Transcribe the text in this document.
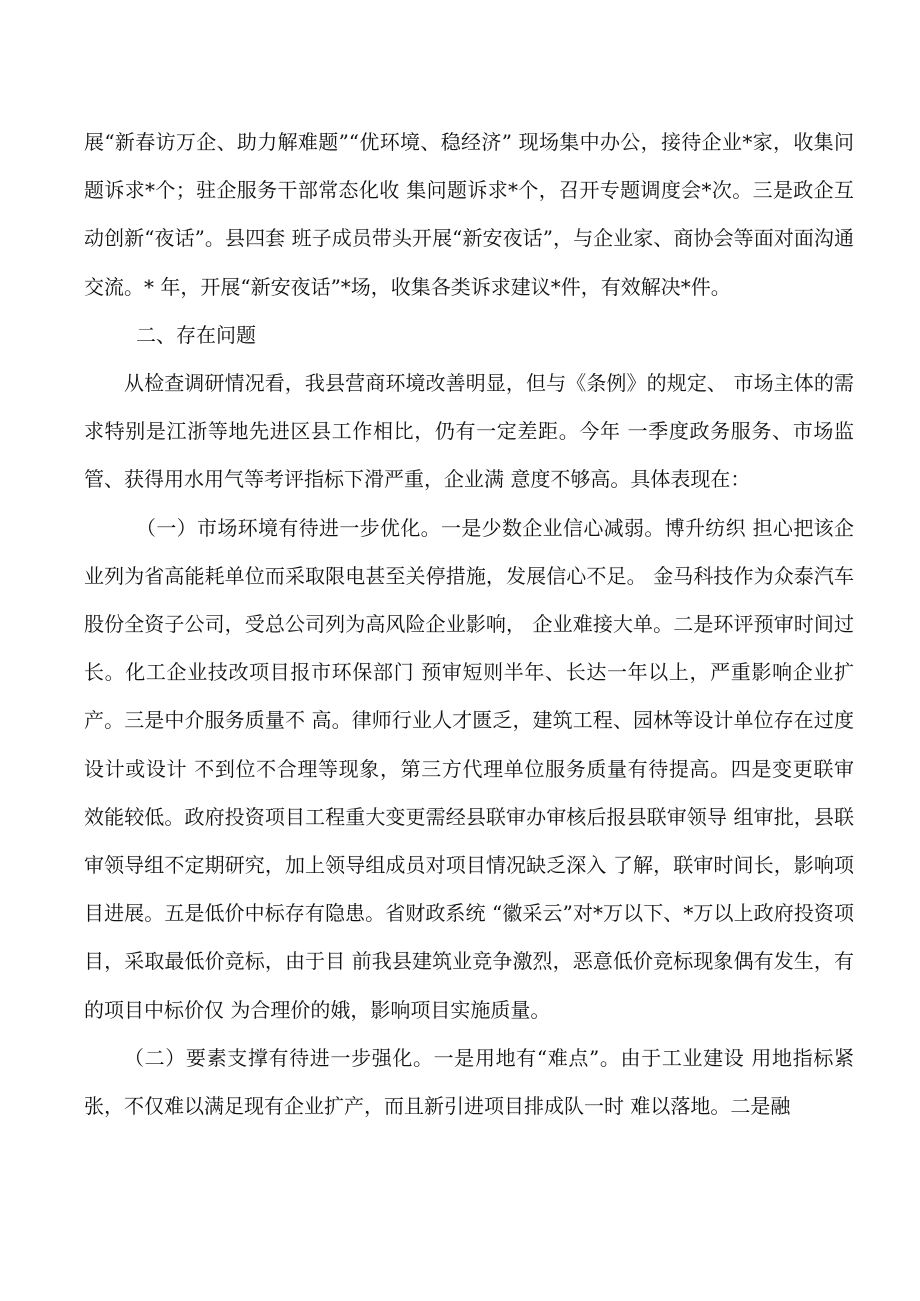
展“新春访万企、助力解难题”“优环境、稳经济” 现场集中办公，接待企业*家，收集问题诉求*个；驻企服务干部常态化收 集问题诉求*个，召开专题调度会*次。三是政企互动创新“夜话”。县四套 班子成员带头开展“新安夜话”，与企业家、商协会等面对面沟通交流。* 年，开展“新安夜话”*场，收集各类诉求建议*件，有效解决*件。

二、存在问题

从检查调研情况看，我县营商环境改善明显，但与《条例》的规定、 市场主体的需求特别是江浙等地先进区县工作相比，仍有一定差距。今年 一季度政务服务、市场监管、获得用水用气等考评指标下滑严重，企业满 意度不够高。具体表现在：

（一）市场环境有待进一步优化。一是少数企业信心减弱。博升纺织 担心把该企业列为省高能耗单位而采取限电甚至关停措施，发展信心不足。 金马科技作为众泰汽车股份全资子公司，受总公司列为高风险企业影响， 企业难接大单。二是环评预审时间过长。化工企业技改项目报市环保部门 预审短则半年、长达一年以上，严重影响企业扩产。三是中介服务质量不 高。律师行业人才匮乏，建筑工程、园林等设计单位存在过度设计或设计 不到位不合理等现象，第三方代理单位服务质量有待提高。四是变更联审 效能较低。政府投资项目工程重大变更需经县联审办审核后报县联审领导 组审批，县联审领导组不定期研究，加上领导组成员对项目情况缺乏深入 了解，联审时间长，影响项目进展。五是低价中标存有隐患。省财政系统 “徽采云”对*万以下、*万以上政府投资项目，采取最低价竞标，由于目 前我县建筑业竞争激烈，恶意低价竞标现象偶有发生，有的项目中标价仅 为合理价的娥，影响项目实施质量。

（二）要素支撑有待进一步强化。一是用地有“难点”。由于工业建设 用地指标紧张，不仅难以满足现有企业扩产，而且新引进项目排成队一时 难以落地。二是融
